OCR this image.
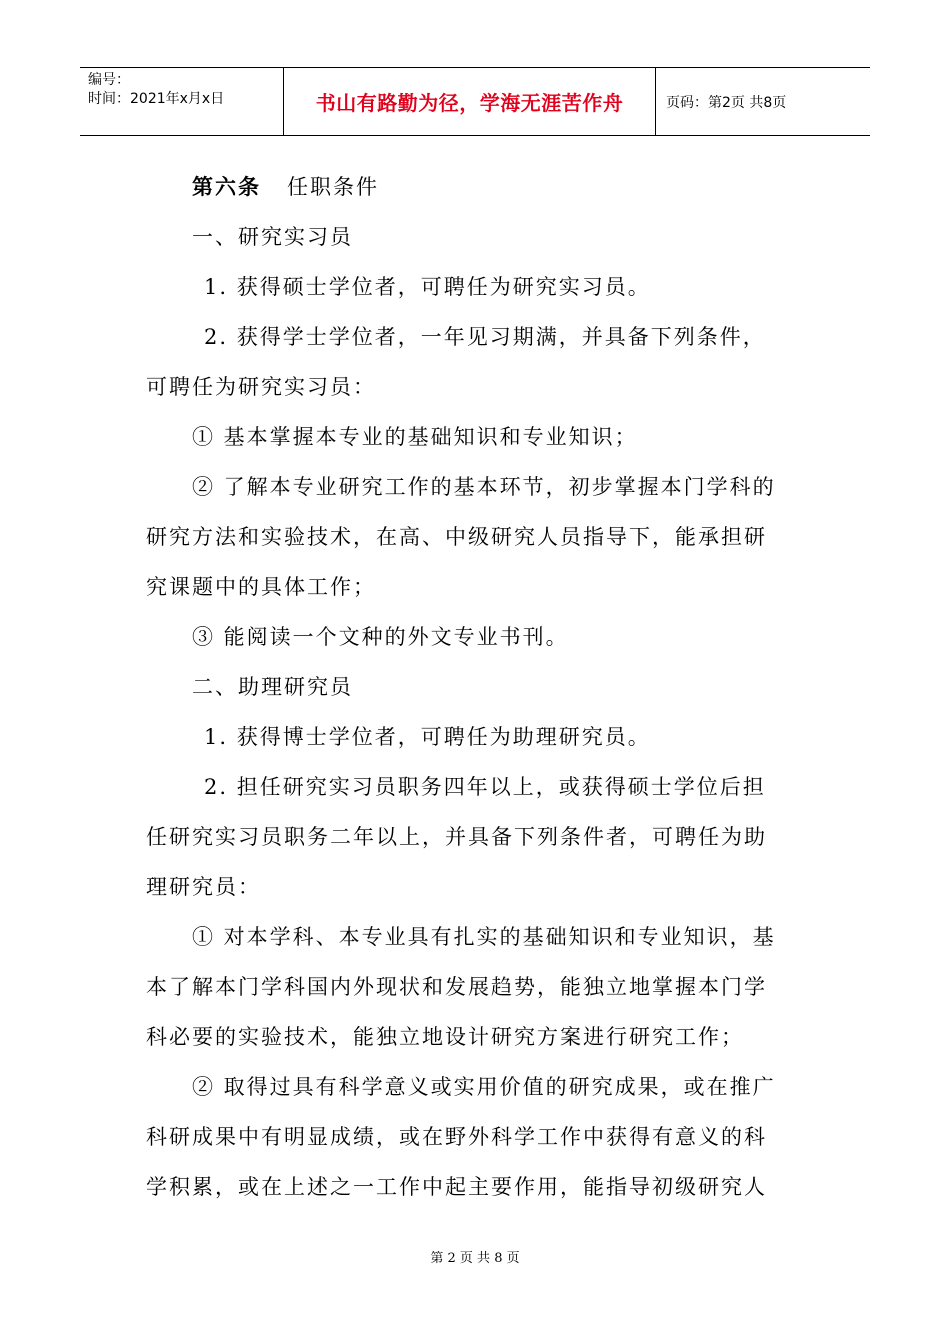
编号：
时间：2021年x月x日	书山有路勤为径，学海无涯苦作舟	页码：第2页 共8页

第六条 任职条件

一、研究实习员

1. 获得硕士学位者，可聘任为研究实习员。

2. 获得学士学位者，一年见习期满，并具备下列条件，

可聘任为研究实习员：

① 基本掌握本专业的基础知识和专业知识；

② 了解本专业研究工作的基本环节，初步掌握本门学科的

研究方法和实验技术，在高、中级研究人员指导下，能承担研

究课题中的具体工作；

③ 能阅读一个文种的外文专业书刊。

二、助理研究员

1. 获得博士学位者，可聘任为助理研究员。

2. 担任研究实习员职务四年以上，或获得硕士学位后担

任研究实习员职务二年以上，并具备下列条件者，可聘任为助

理研究员：

① 对本学科、本专业具有扎实的基础知识和专业知识，基

本了解本门学科国内外现状和发展趋势，能独立地掌握本门学

科必要的实验技术，能独立地设计研究方案进行研究工作；

② 取得过具有科学意义或实用价值的研究成果，或在推广

科研成果中有明显成绩，或在野外科学工作中获得有意义的科

学积累，或在上述之一工作中起主要作用，能指导初级研究人

第 2 页 共 8 页
